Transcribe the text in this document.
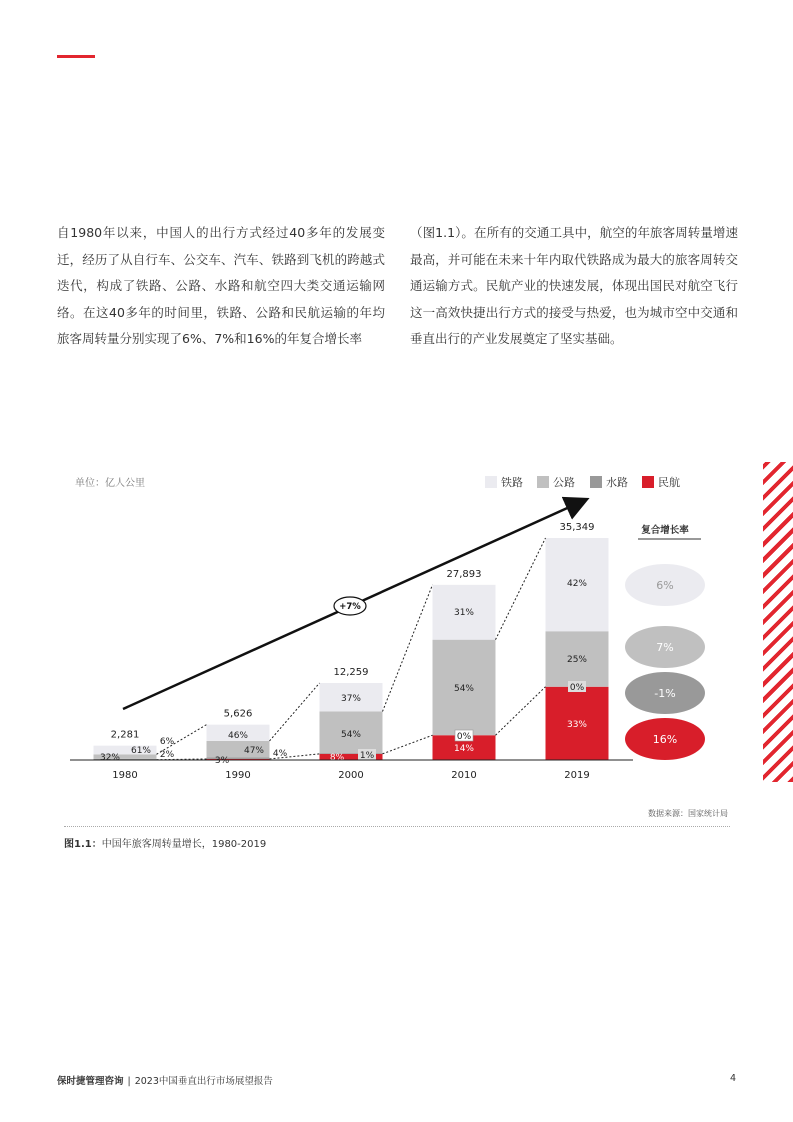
自1980年以来，中国人的出行方式经过40多年的发展变迁，经历了从自行车、公交车、汽车、铁路到飞机的跨越式迭代，构成了铁路、公路、水路和航空四大类交通运输网络。在这40多年的时间里，铁路、公路和民航运输的年均旅客周转量分别实现了6%、7%和16%的年复合增长率

（图1.1）。在所有的交通工具中，航空的年旅客周转量增速最高，并可能在未来十年内取代铁路成为最大的旅客周转交通运输方式。民航产业的快速发展，体现出国民对航空飞行这一高效快捷出行方式的接受与热爱，也为城市空中交通和垂直出行的产业发展奠定了坚实基础。

单位：亿人公里	铁路	公路	水路	民航
2,281
1980
5,626
1990
12,259
2000
27,893
2010
35,349
2019
32%
61%
6%
2%
46%
47%
3%
4%
37%
54%
8% 1%
31%
54%
0%
14%
42%
25%
0%
33%
+7%
复合增长率
6%
7%
-1%
16%
数据来源：国家统计局
图1.1：中国年旅客周转量增长，1980-2019
保时捷管理咨询 | 2023中国垂直出行市场展望报告	4
